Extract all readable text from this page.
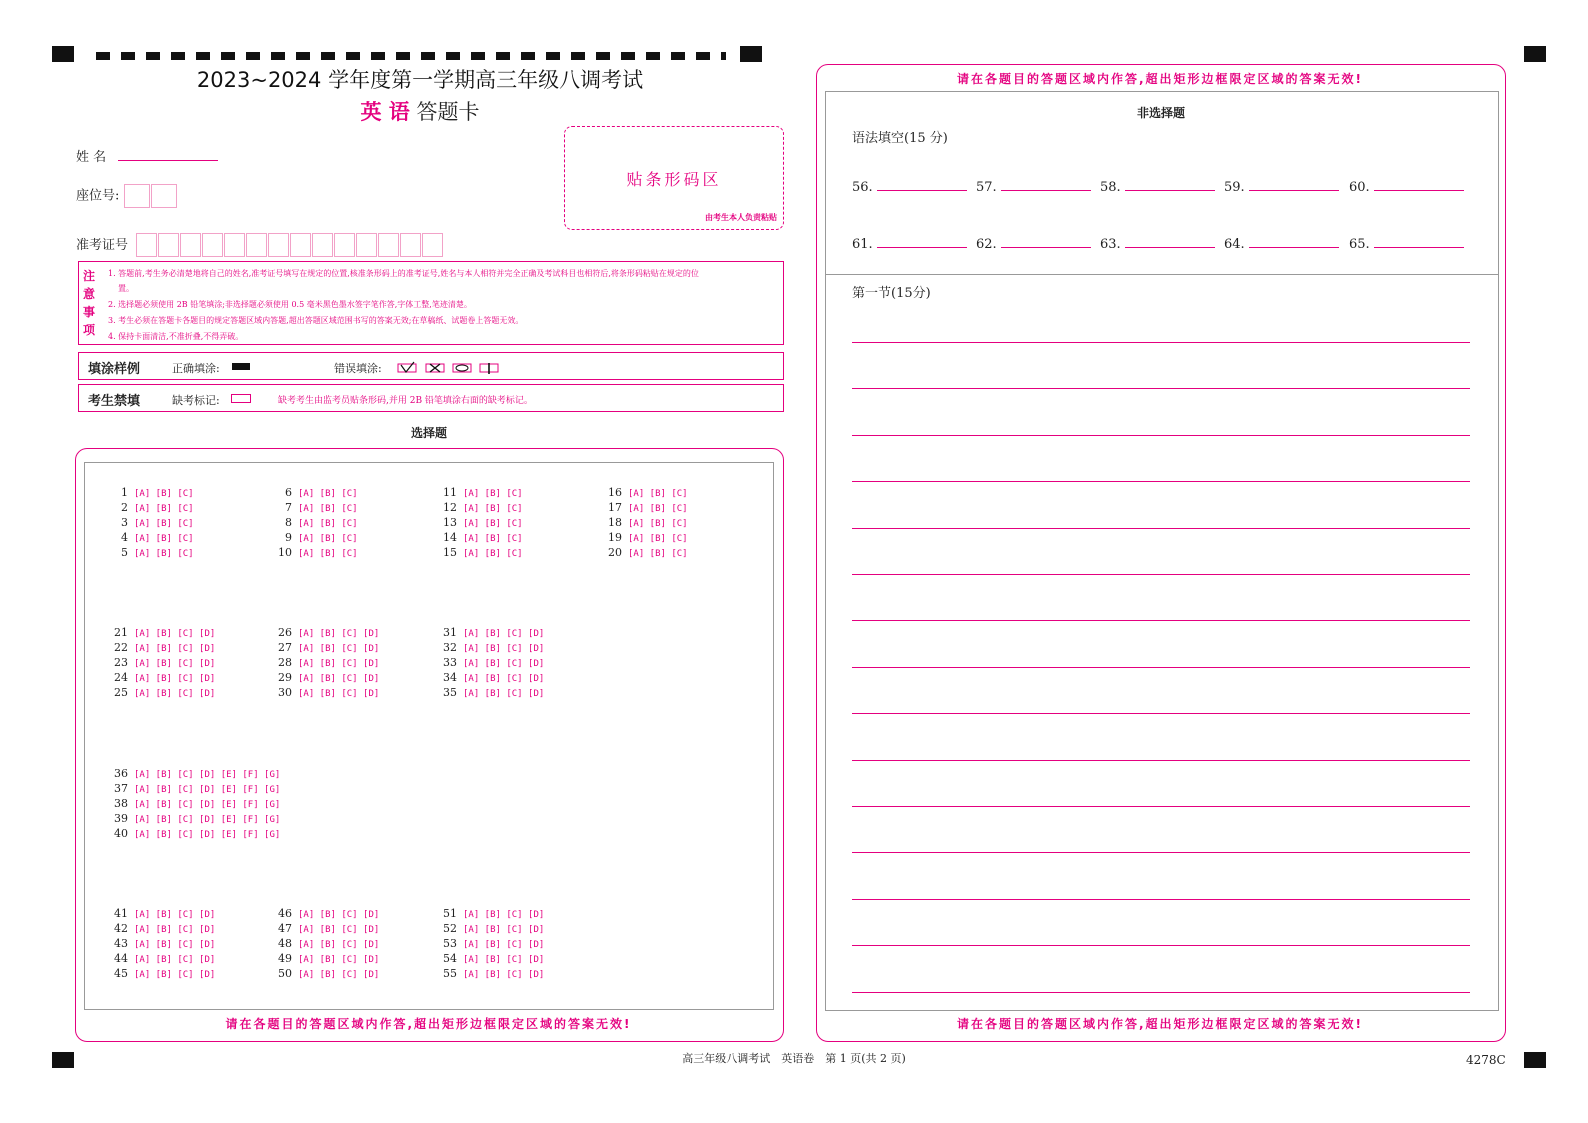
2023~2024 学年度第一学期高三年级八调考试
英 语 答题卡
姓 名
座位号:
准考证号
贴条形码区
由考生本人负责粘贴
注
意
事
项
1. 答题前,考生务必清楚地将自己的姓名,准考证号填写在规定的位置,核准条形码上的准考证号,姓名与本人相符并完全正确及考试科目也相符后,将条形码粘贴在规定的位
置。
2. 选择题必须使用 2B 铅笔填涂;非选择题必须使用 0.5 毫米黑色墨水签字笔作答,字体工整,笔迹清楚。
3. 考生必须在答题卡各题目的规定答题区域内答题,超出答题区域范围书写的答案无效;在草稿纸、试题卷上答题无效。
4. 保持卡面清洁,不准折叠,不得弄破。
填涂样例	正确填涂:	错误填涂:
考生禁填	缺考标记:	缺考考生由监考员贴条形码,并用 2B 铅笔填涂右面的缺考标记。
选择题
1 [A] [B] [C]
2 [A] [B] [C]
3 [A] [B] [C]
4 [A] [B] [C]
5 [A] [B] [C]
6 [A] [B] [C]
7 [A] [B] [C]
8 [A] [B] [C]
9 [A] [B] [C]
10 [A] [B] [C]
11 [A] [B] [C]
12 [A] [B] [C]
13 [A] [B] [C]
14 [A] [B] [C]
15 [A] [B] [C]
16 [A] [B] [C]
17 [A] [B] [C]
18 [A] [B] [C]
19 [A] [B] [C]
20 [A] [B] [C]
21 [A] [B] [C] [D]
22 [A] [B] [C] [D]
23 [A] [B] [C] [D]
24 [A] [B] [C] [D]
25 [A] [B] [C] [D]
26 [A] [B] [C] [D]
27 [A] [B] [C] [D]
28 [A] [B] [C] [D]
29 [A] [B] [C] [D]
30 [A] [B] [C] [D]
31 [A] [B] [C] [D]
32 [A] [B] [C] [D]
33 [A] [B] [C] [D]
34 [A] [B] [C] [D]
35 [A] [B] [C] [D]
36 [A] [B] [C] [D] [E] [F] [G]
37 [A] [B] [C] [D] [E] [F] [G]
38 [A] [B] [C] [D] [E] [F] [G]
39 [A] [B] [C] [D] [E] [F] [G]
40 [A] [B] [C] [D] [E] [F] [G]
41 [A] [B] [C] [D]
42 [A] [B] [C] [D]
43 [A] [B] [C] [D]
44 [A] [B] [C] [D]
45 [A] [B] [C] [D]
46 [A] [B] [C] [D]
47 [A] [B] [C] [D]
48 [A] [B] [C] [D]
49 [A] [B] [C] [D]
50 [A] [B] [C] [D]
51 [A] [B] [C] [D]
52 [A] [B] [C] [D]
53 [A] [B] [C] [D]
54 [A] [B] [C] [D]
55 [A] [B] [C] [D]
请在各题目的答题区域内作答,超出矩形边框限定区域的答案无效!
请在各题目的答题区域内作答,超出矩形边框限定区域的答案无效!
非选择题
语法填空(15 分)
56.	57.	58.	59.	60.
61.	62.	63.	64.	65.
第一节(15分)
请在各题目的答题区域内作答,超出矩形边框限定区域的答案无效!
高三年级八调考试　英语卷　第 1 页(共 2 页)	4278C
